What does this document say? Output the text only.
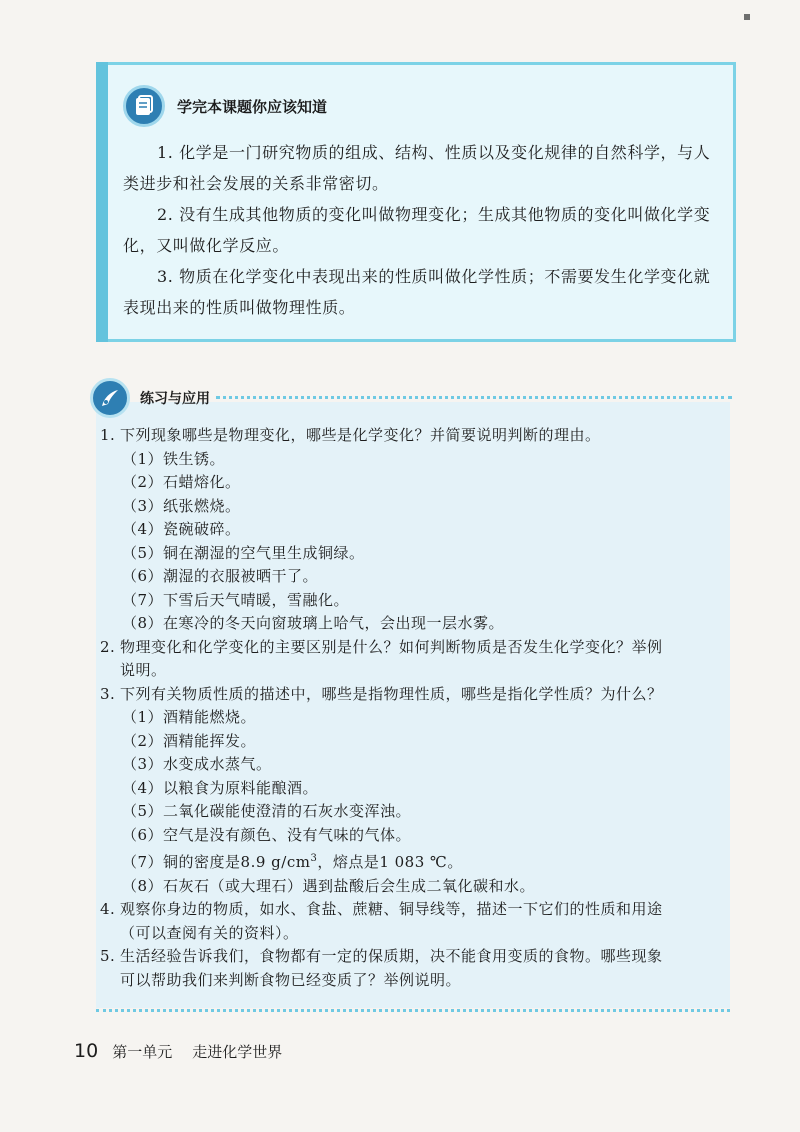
学完本课题你应该知道

1. 化学是一门研究物质的组成、结构、性质以及变化规律的自然科学，与人类进步和社会发展的关系非常密切。

2. 没有生成其他物质的变化叫做物理变化；生成其他物质的变化叫做化学变化，又叫做化学反应。

3. 物质在化学变化中表现出来的性质叫做化学性质；不需要发生化学变化就表现出来的性质叫做物理性质。

练习与应用
1. 下列现象哪些是物理变化，哪些是化学变化？并简要说明判断的理由。
（1）铁生锈。
（2）石蜡熔化。
（3）纸张燃烧。
（4）瓷碗破碎。
（5）铜在潮湿的空气里生成铜绿。
（6）潮湿的衣服被晒干了。
（7）下雪后天气晴暖，雪融化。
（8）在寒冷的冬天向窗玻璃上哈气，会出现一层水雾。
2. 物理变化和化学变化的主要区别是什么？如何判断物质是否发生化学变化？举例
说明。
3. 下列有关物质性质的描述中，哪些是指物理性质，哪些是指化学性质？为什么？
（1）酒精能燃烧。
（2）酒精能挥发。
（3）水变成水蒸气。
（4）以粮食为原料能酿酒。
（5）二氧化碳能使澄清的石灰水变浑浊。
（6）空气是没有颜色、没有气味的气体。
（7）铜的密度是8.9 $g/cm^3$，熔点是1 083 ℃。
（8）石灰石（或大理石）遇到盐酸后会生成二氧化碳和水。
4. 观察你身边的物质，如水、食盐、蔗糖、铜导线等，描述一下它们的性质和用途
（可以查阅有关的资料）。
5. 生活经验告诉我们，食物都有一定的保质期，决不能食用变质的食物。哪些现象
可以帮助我们来判断食物已经变质了？举例说明。
10 第一单元 走进化学世界
